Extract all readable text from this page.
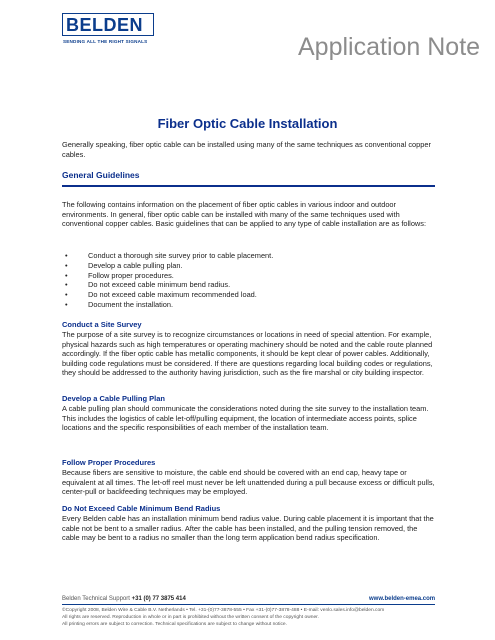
BELDEN
SENDING ALL THE RIGHT SIGNALS	Application Note
Fiber Optic Cable Installation
Generally speaking, fiber optic cable can be installed using many of the same techniques as conventional copper cables.
General Guidelines
The following contains information on the placement of fiber optic cables in various indoor and outdoor environments. In general, fiber optic cable can be installed with many of the same techniques used with conventional copper cables. Basic guidelines that can be applied to any type of cable installation are as follows:
•	Conduct a thorough site survey prior to cable placement.
•	Develop a cable pulling plan.
•	Follow proper procedures.
•	Do not exceed cable minimum bend radius.
•	Do not exceed cable maximum recommended load.
•	Document the installation.
Conduct a Site Survey
The purpose of a site survey is to recognize circumstances or locations in need of special attention. For example, physical hazards such as high temperatures or operating machinery should be noted and the cable route planned accordingly. If the fiber optic cable has metallic components, it should be kept clear of power cables. Additionally, building code regulations must be considered. If there are questions regarding local building codes or regulations, they should be addressed to the authority having jurisdiction, such as the fire marshal or city building inspector.
Develop a Cable Pulling Plan
A cable pulling plan should communicate the considerations noted during the site survey to the installation team. This includes the logistics of cable let-off/pulling equipment, the location of intermediate access points, splice locations and the specific responsibilities of each member of the installation team.
Follow Proper Procedures
Because fibers are sensitive to moisture, the cable end should be covered with an end cap, heavy tape or equivalent at all times. The let-off reel must never be left unattended during a pull because excess or difficult pulls, center-pull or backfeeding techniques may be employed.
Do Not Exceed Cable Minimum Bend Radius
Every Belden cable has an installation minimum bend radius value. During cable placement it is important that the cable not be bent to a smaller radius. After the cable has been installed, and the pulling tension removed, the cable may be bent to a radius no smaller than the long term application bend radius specification.
Belden Technical Support +31 (0) 77 3875 414	www.belden-emea.com
©Copyright 2008, Belden Wire & Cable B.V. Netherlands • Tel. +31-(0)77-3878-555 • Fax +31-(0)77-3878-488 • E-mail: venlo.sales.info@belden.com
All rights are reserved. Reproduction in whole or in part is prohibited without the written consent of the copyright owner.
All printing errors are subject to correction. Technical specifications are subject to change without notice.
